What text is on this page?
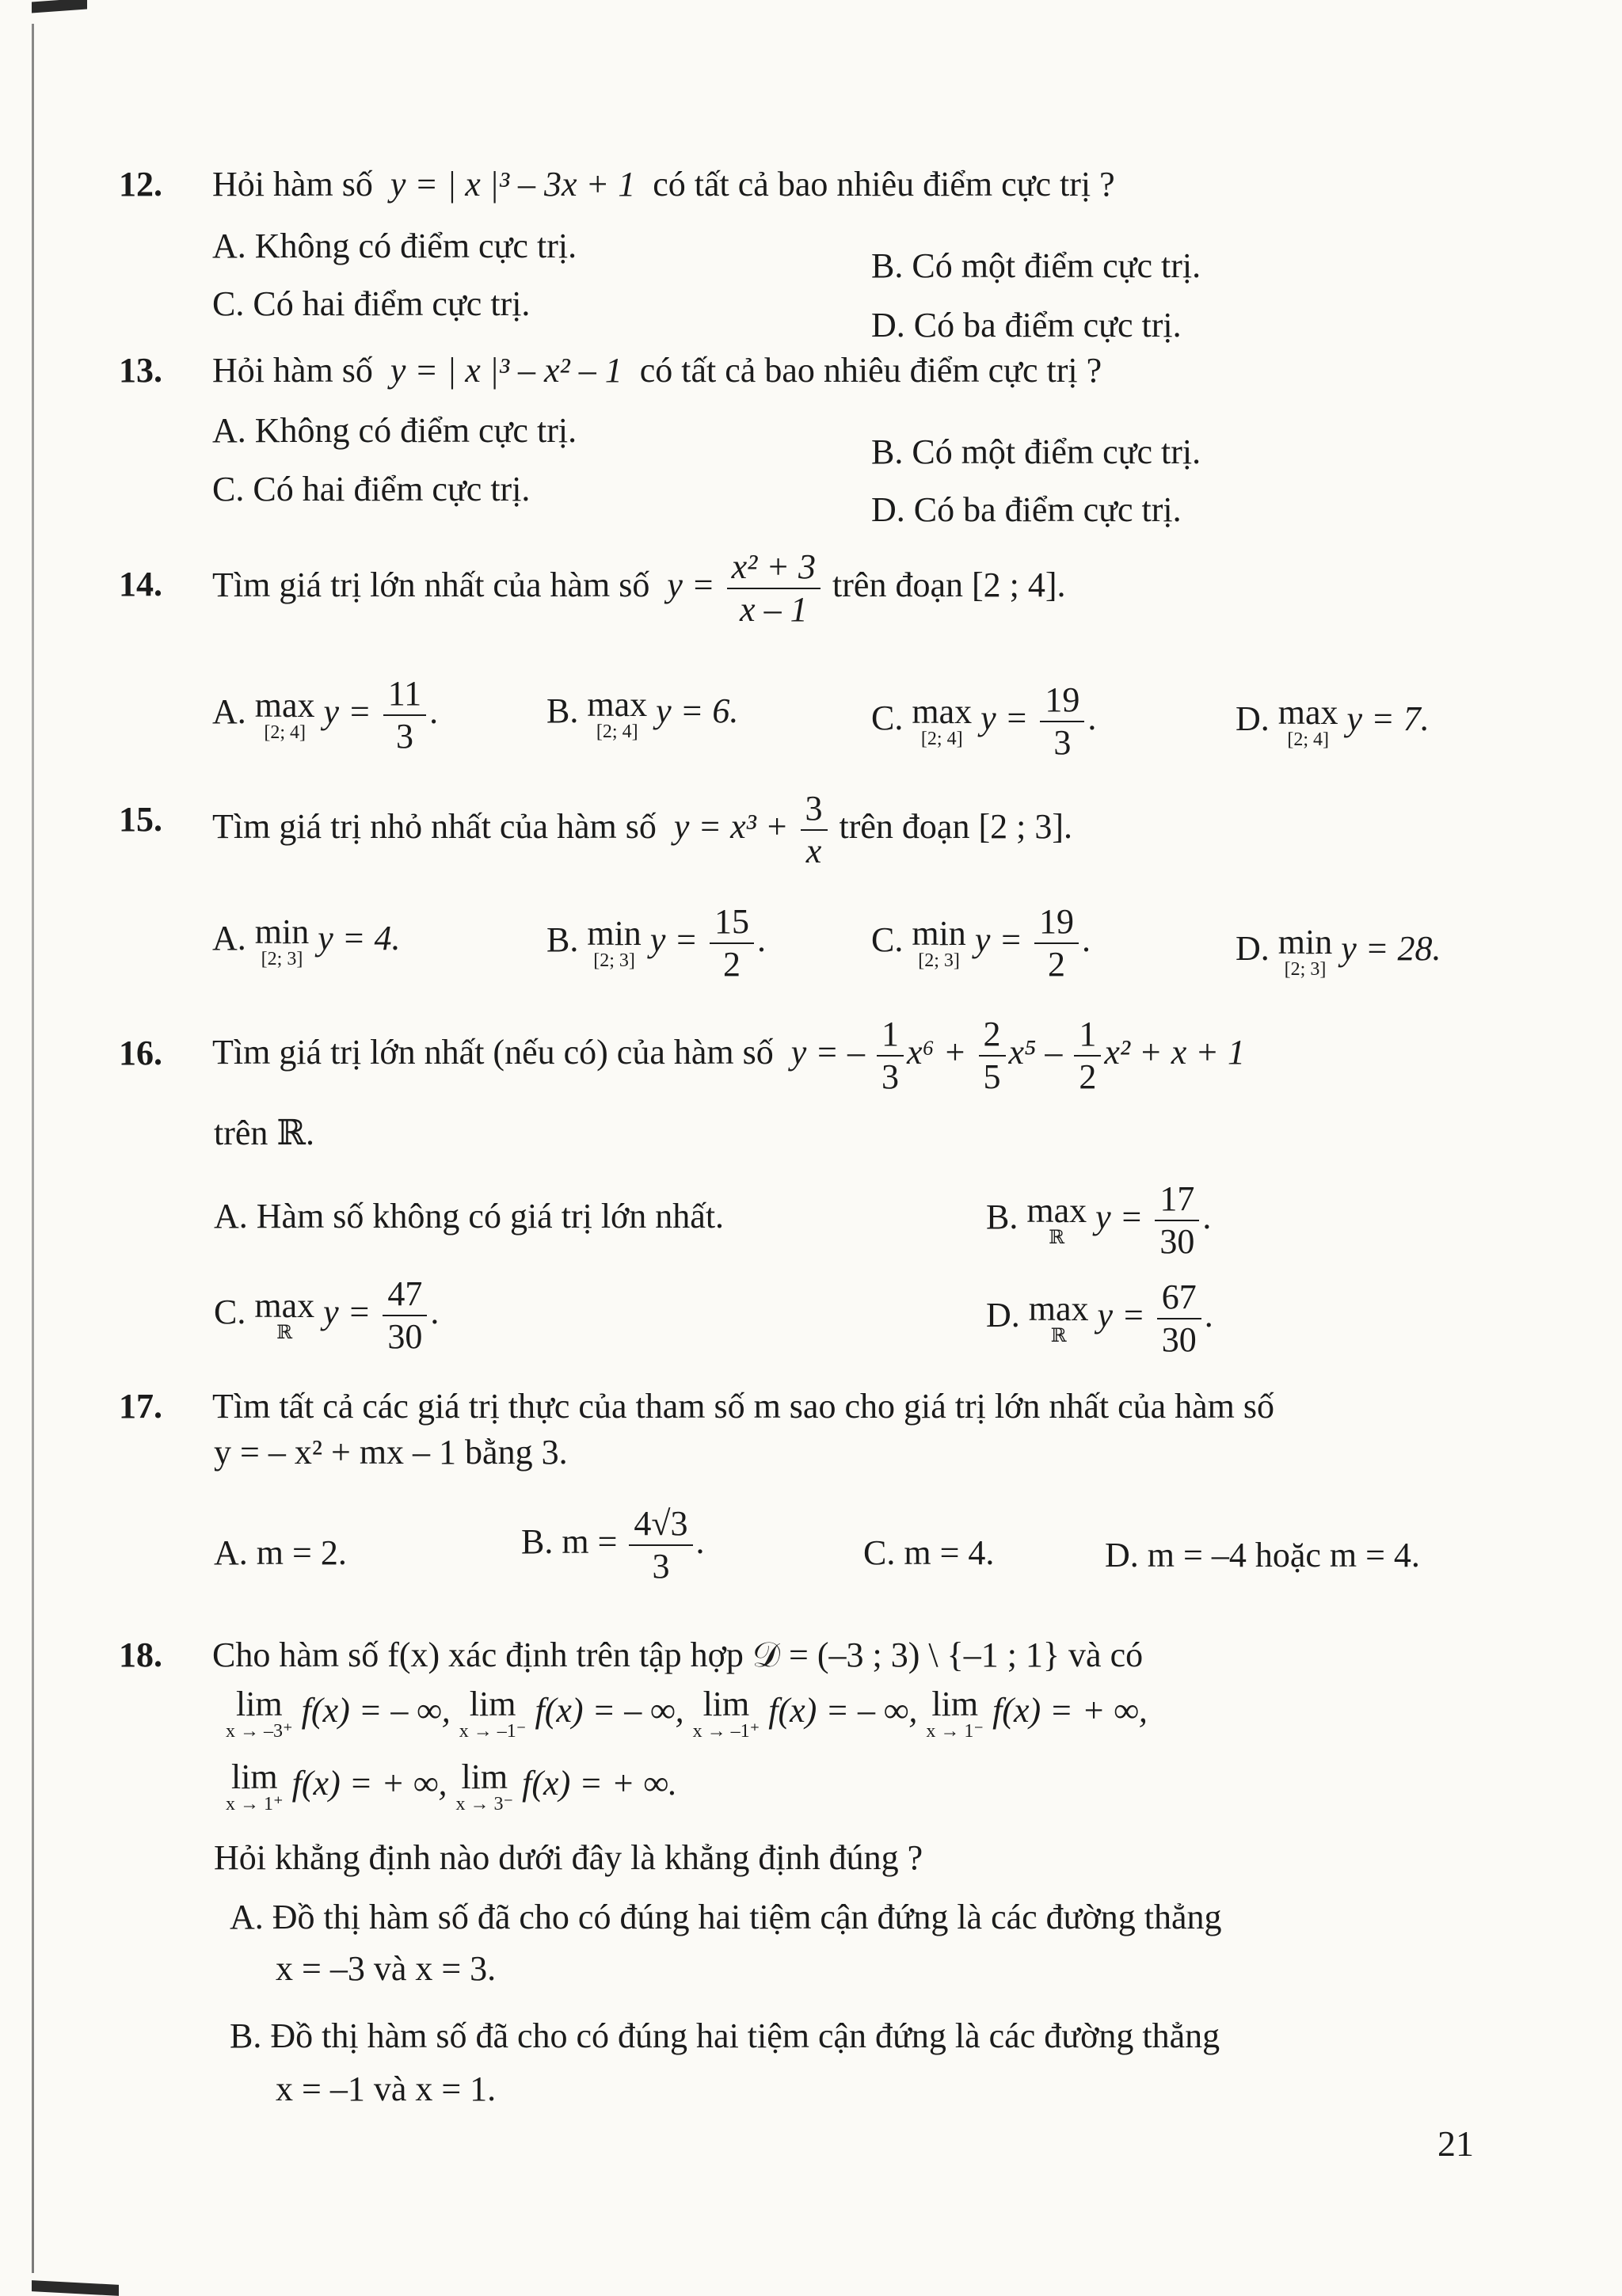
12. Hỏi hàm số y = | x |³ – 3x + 1 có tất cả bao nhiêu điểm cực trị ?
A. Không có điểm cực trị.
B. Có một điểm cực trị.
C. Có hai điểm cực trị.
D. Có ba điểm cực trị.
13. Hỏi hàm số y = | x |³ – x² – 1 có tất cả bao nhiêu điểm cực trị ?
A. Không có điểm cực trị.
B. Có một điểm cực trị.
C. Có hai điểm cực trị.
D. Có ba điểm cực trị.
14. Tìm giá trị lớn nhất của hàm số $y = \frac{\text{x² + 3}}{x - 1}$ trên đoạn [2 ; 4].
A. max
[2; 4]
$y = \frac{11}{3}$ .	B. max
[2; 4]
y = 6.	C. max
[2; 4]
$y = \frac{19}{3}$ .	D. max
[2; 4]
y = 7.
15. Tìm giá trị nhỏ nhất của hàm số $y = x^3 + \frac{3}{x}$ trên đoạn [2 ; 3].
A. min
[2; 3]
y = 4.	B. min
[2; 3]
$y = \frac{15}{2}$ .	C. min
[2; 3]
$y = \frac{19}{2}$ .	D. min
[2; 3]
y = 28.
16. Tìm giá trị lớn nhất (nếu có) của hàm số y = – $\frac{1}{3} x^6 + \frac{2}{5} x^5 - \frac{1}{2} x^2 + x + 1$
trên ℝ.
A. Hàm số không có giá trị lớn nhất.	B. max
ℝ
$y = \frac{17}{30}$ .
C. max
ℝ
$y = \frac{47}{30}$ .	D. max
ℝ
$y = \frac{67}{30}$ .
17. Tìm tất cả các giá trị thực của tham số m sao cho giá trị lớn nhất của hàm số
y = – x² + mx – 1 bằng 3.
A. m = 2.	B. $m = \frac{4√3}{3}$ .	C. m = 4.	D. m = –4 hoặc m = 4.
18. Cho hàm số f(x) xác định trên tập hợp 𝒟 = (–3 ; 3) \ {–1 ; 1} và có
lim
x → –3⁺
f(x) = – ∞, lim
x → –1⁻
f(x) = – ∞, lim
x → –1⁺
f(x) = – ∞, lim
x → 1⁻
f(x) = + ∞,
lim
x → 1⁺
f(x) = + ∞, lim
x → 3⁻
f(x) = + ∞.
Hỏi khẳng định nào dưới đây là khẳng định đúng ?
A. Đồ thị hàm số đã cho có đúng hai tiệm cận đứng là các đường thẳng
x = –3 và x = 3.
B. Đồ thị hàm số đã cho có đúng hai tiệm cận đứng là các đường thẳng
x = –1 và x = 1.
21
